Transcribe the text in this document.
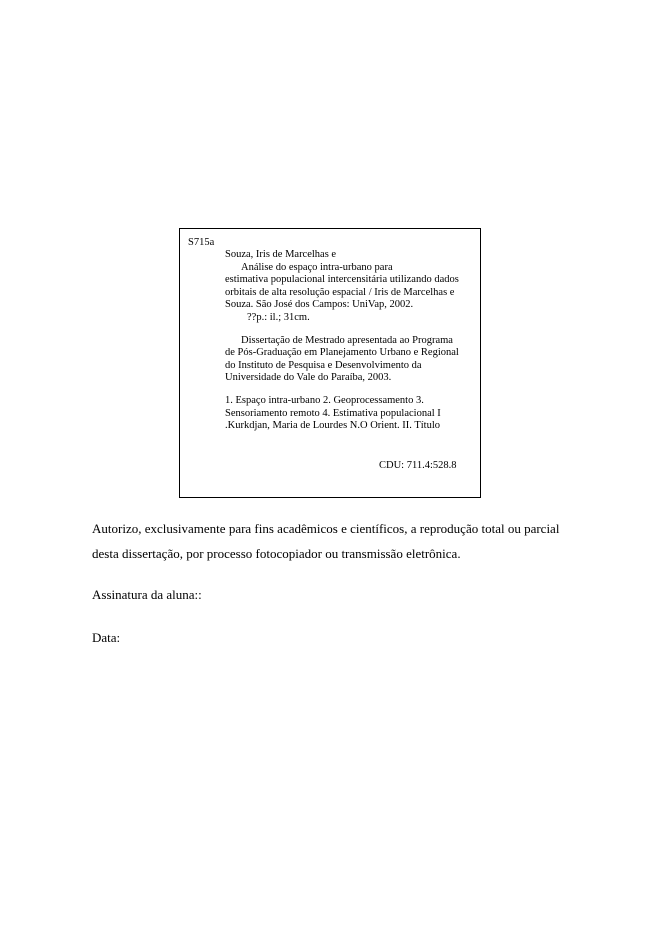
S715a
Souza, Iris de Marcelhas e
Análise do espaço intra-urbano para
estimativa populacional intercensitária utilizando dados
orbitais de alta resolução espacial / Iris de Marcelhas e
Souza. São José dos Campos: UniVap, 2002.
??p.: il.; 31cm.
Dissertação de Mestrado apresentada ao Programa
de Pós-Graduação em Planejamento Urbano e Regional
do Instituto de Pesquisa e Desenvolvimento da
Universidade do Vale do Paraíba, 2003.
1. Espaço intra-urbano 2. Geoprocessamento 3.
Sensoriamento remoto 4. Estimativa populacional I
.Kurkdjan, Maria de Lourdes N.O Orient. II. Título
CDU: 711.4:528.8
Autorizo, exclusivamente para fins acadêmicos e científicos, a reprodução total ou parcial
desta dissertação, por processo fotocopiador ou transmissão eletrônica.
Assinatura da aluna::
Data:
